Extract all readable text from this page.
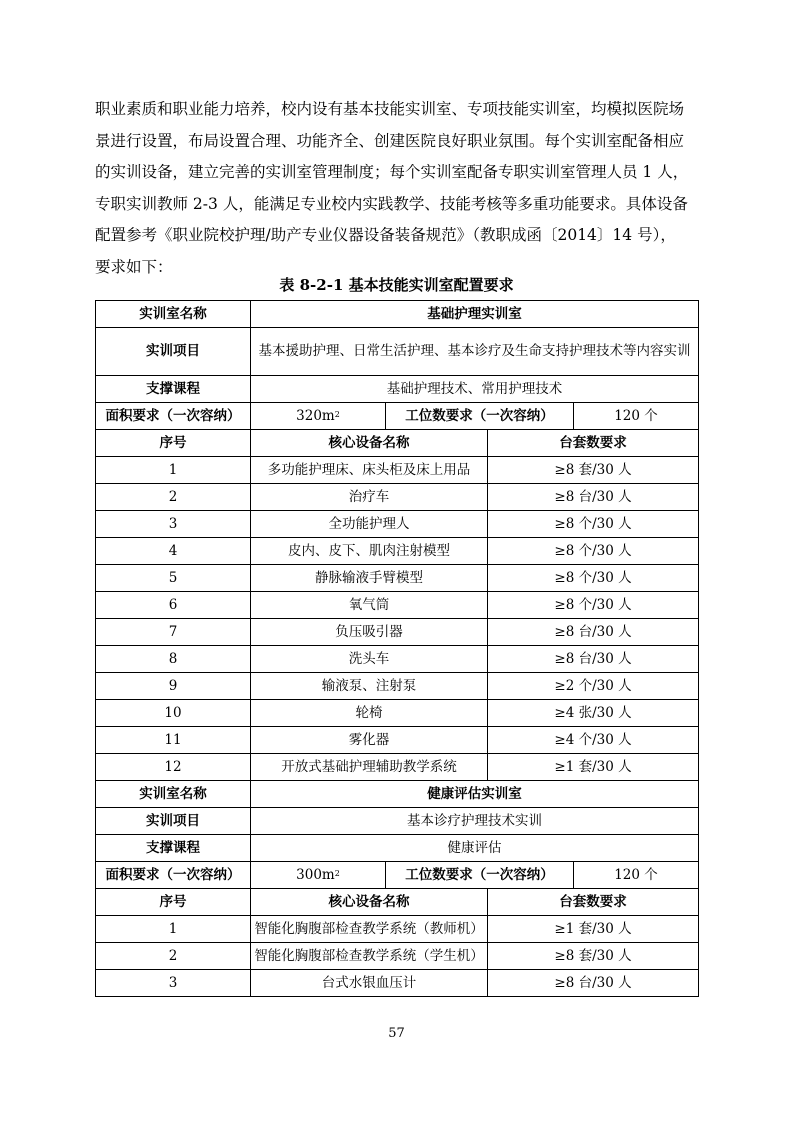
职业素质和职业能力培养，校内设有基本技能实训室、专项技能实训室，均模拟医院场
景进行设置，布局设置合理、功能齐全、创建医院良好职业氛围。每个实训室配备相应
的实训设备，建立完善的实训室管理制度；每个实训室配备专职实训室管理人员 1 人，
专职实训教师 2-3 人，能满足专业校内实践教学、技能考核等多重功能要求。具体设备
配置参考《职业院校护理/助产专业仪器设备装备规范》（教职成函〔2014〕14 号），
要求如下：
表 8-2-1 基本技能实训室配置要求
实训室名称	基础护理实训室			
实训项目	基本援助护理、日常生活护理、基本诊疗及生命支持护理技术等内容实训			
支撑课程	基础护理技术、常用护理技术			
面积要求（一次容纳）	$320m^2$	工位数要求（一次容纳）		120 个
序号	核心设备名称		台套数要求	
1	多功能护理床、床头柜及床上用品		≥8 套/30 人	
2	治疗车		≥8 台/30 人	
3	全功能护理人		≥8 个/30 人	
4	皮内、皮下、肌肉注射模型		≥8 个/30 人	
5	静脉输液手臂模型		≥8 个/30 人	
6	氧气筒		≥8 个/30 人	
7	负压吸引器		≥8 台/30 人	
8	洗头车		≥8 台/30 人	
9	输液泵、注射泵		≥2 个/30 人	
10	轮椅		≥4 张/30 人	
11	雾化器		≥4 个/30 人	
12	开放式基础护理辅助教学系统		≥1 套/30 人	
实训室名称	健康评估实训室			
实训项目	基本诊疗护理技术实训			
支撑课程	健康评估			
面积要求（一次容纳）	$300m^2$	工位数要求（一次容纳）		120 个
序号	核心设备名称		台套数要求	
1	智能化胸腹部检查教学系统（教师机）		≥1 套/30 人	
2	智能化胸腹部检查教学系统（学生机）		≥8 套/30 人	
3	台式水银血压计		≥8 台/30 人	
57
